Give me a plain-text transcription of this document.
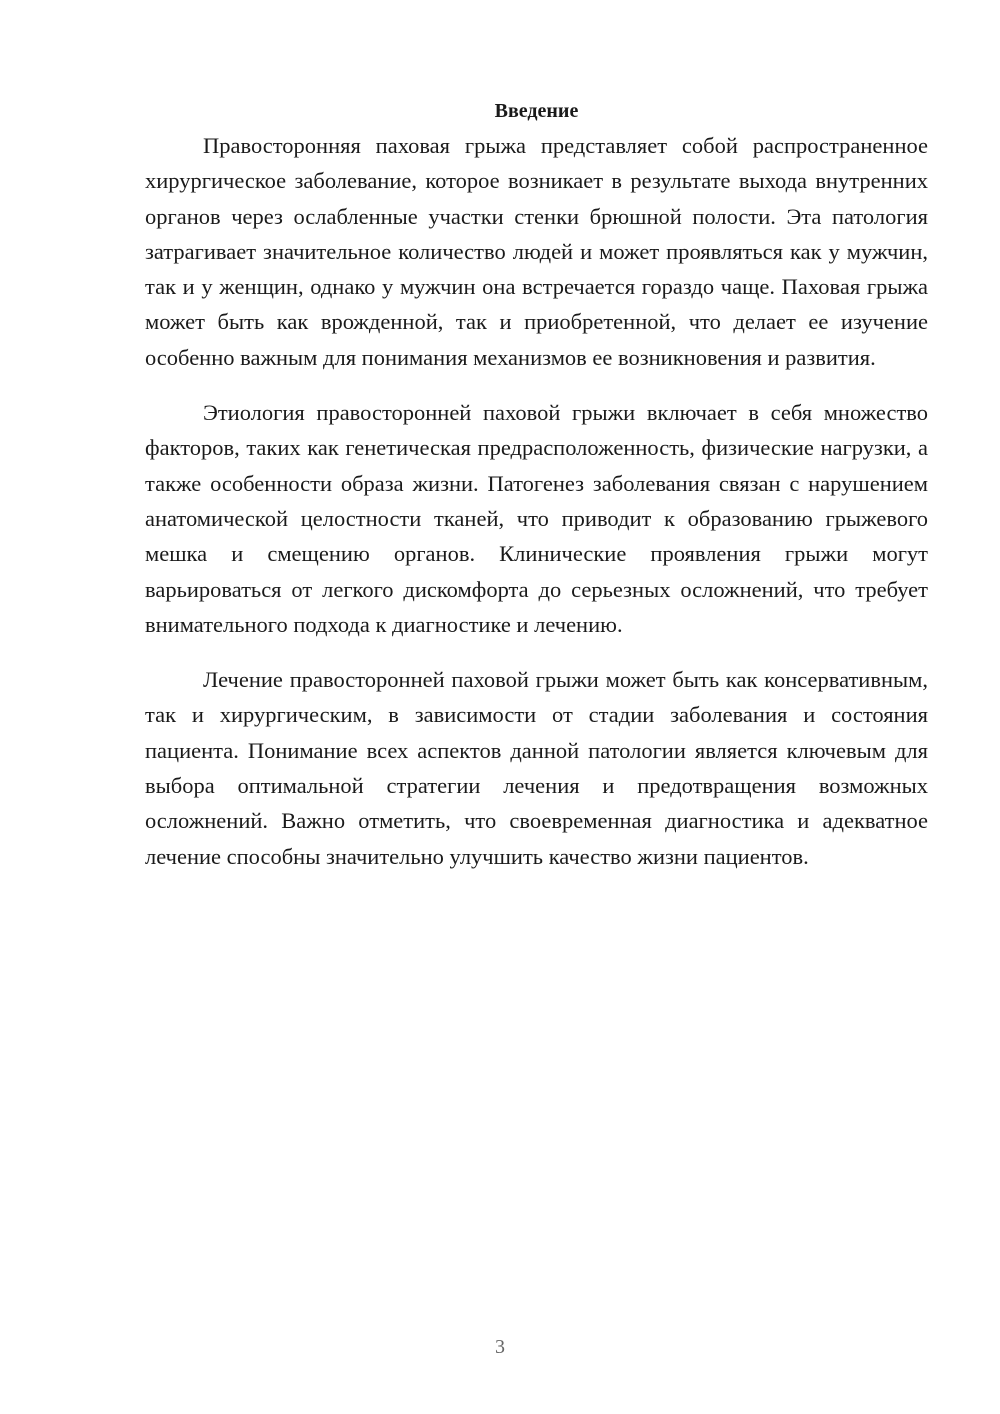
Введение

Правосторонняя паховая грыжа представляет собой распространенное хирургическое заболевание, которое возникает в результате выхода внутренних органов через ослабленные участки стенки брюшной полости. Эта патология затрагивает значительное количество людей и может проявляться как у мужчин, так и у женщин, однако у мужчин она встречается гораздо чаще. Паховая грыжа может быть как врожденной, так и приобретенной, что делает ее изучение особенно важным для понимания механизмов ее возникновения и развития.

Этиология правосторонней паховой грыжи включает в себя множество факторов, таких как генетическая предрасположенность, физические нагрузки, а также особенности образа жизни. Патогенез заболевания связан с нарушением анатомической целостности тканей, что приводит к образованию грыжевого мешка и смещению органов. Клинические проявления грыжи могут варьироваться от легкого дискомфорта до серьезных осложнений, что требует внимательного подхода к диагностике и лечению.

Лечение правосторонней паховой грыжи может быть как консервативным, так и хирургическим, в зависимости от стадии заболевания и состояния пациента. Понимание всех аспектов данной патологии является ключевым для выбора оптимальной стратегии лечения и предотвращения возможных осложнений. Важно отметить, что своевременная диагностика и адекватное лечение способны значительно улучшить качество жизни пациентов.

3
